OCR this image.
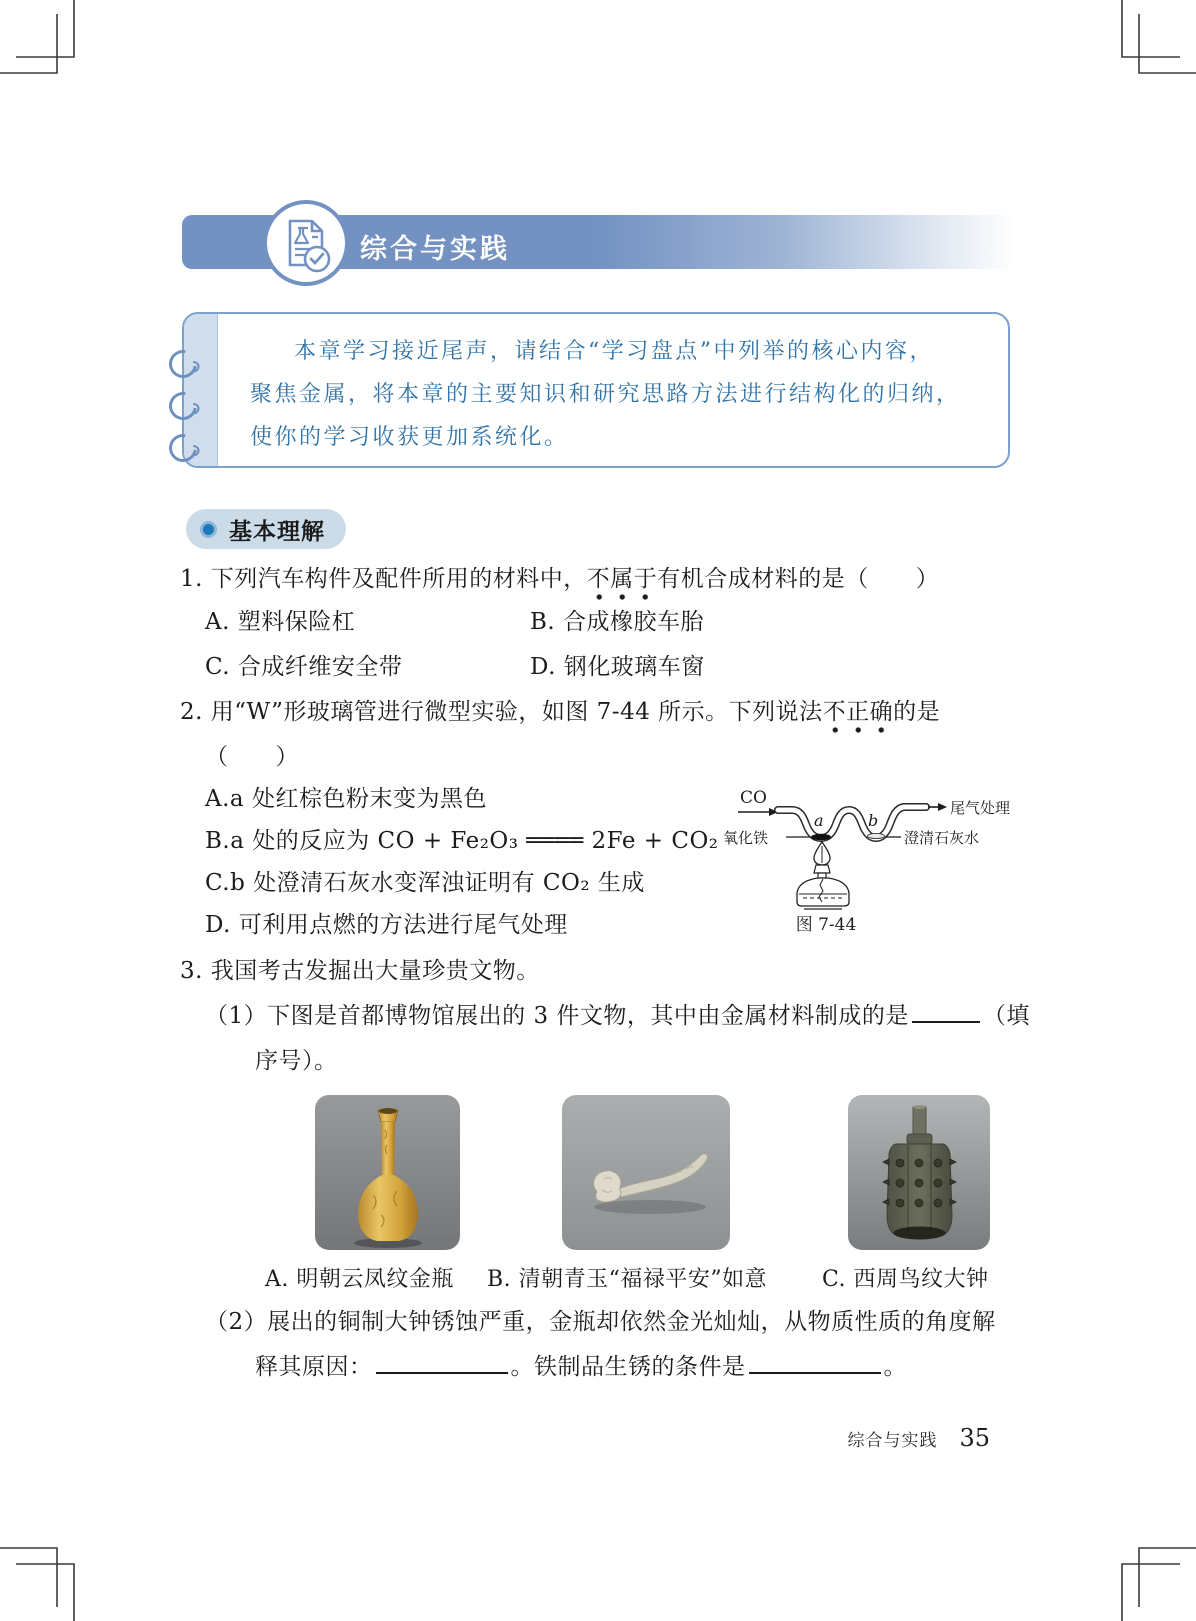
综合与实践
本章学习接近尾声，请结合“学习盘点”中列举的核心内容，
聚焦金属，将本章的主要知识和研究思路方法进行结构化的归纳，
使你的学习收获更加系统化。
基本理解
1. 下列汽车构件及配件所用的材料中，不属于有机合成材料的是（　　）
A. 塑料保险杠	B. 合成橡胶车胎
C. 合成纤维安全带	D. 钢化玻璃车窗
2. 用“W”形玻璃管进行微型实验，如图 7-44 所示。下列说法不正确的是
（　　）
A.a 处红棕色粉末变为黑色
B.a 处的反应为 CO + Fe₂O₃ ════ 2Fe + CO₂
C.b 处澄清石灰水变浑浊证明有 CO₂ 生成
D. 可利用点燃的方法进行尾气处理
CO
a	b
尾气处理
氧化铁	澄清石灰水
图 7-44
3. 我国考古发掘出大量珍贵文物。
（1）下图是首都博物馆展出的 3 件文物，其中由金属材料制成的是	（填
序号）。
A. 明朝云凤纹金瓶 B. 清朝青玉“福禄平安”如意 C. 西周鸟纹大钟
（2）展出的铜制大钟锈蚀严重，金瓶却依然金光灿灿，从物质性质的角度解
释其原因：	。铁制品生锈的条件是	。
综合与实践 35
